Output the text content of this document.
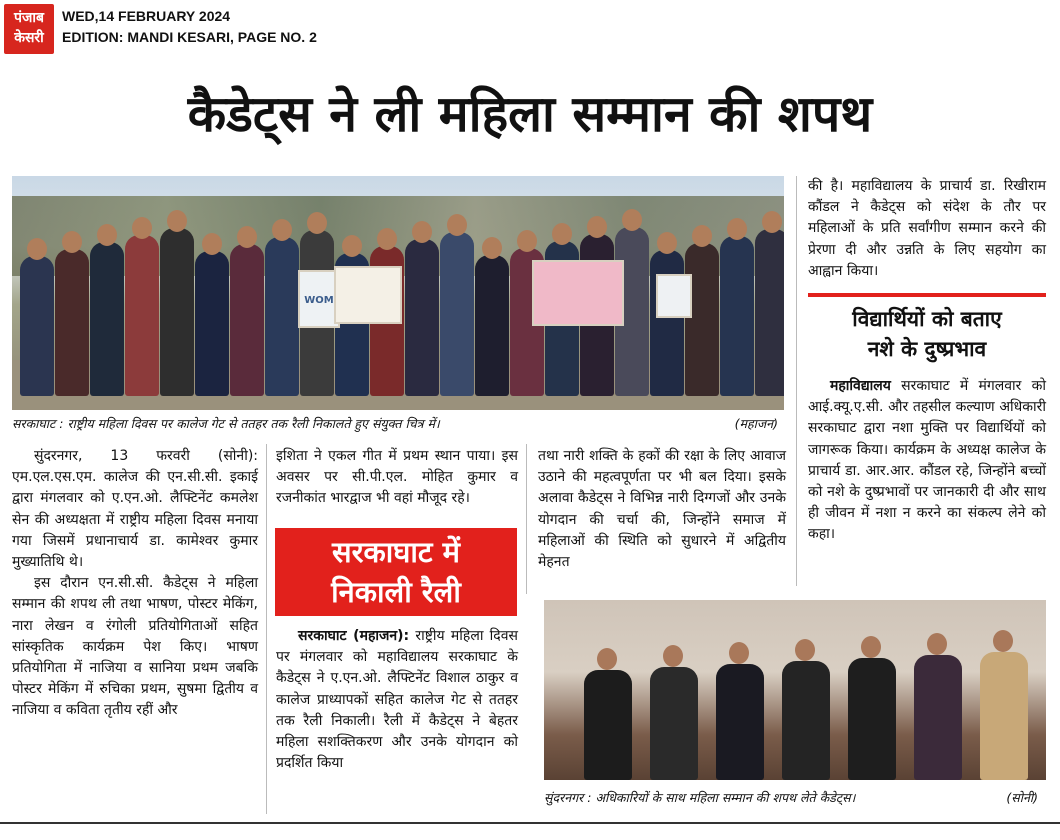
पंजाब
केसरी
WED,14 FEBRUARY 2024
EDITION: MANDI KESARI, PAGE NO. 2
कैडेट्स ने ली महिला सम्मान की शपथ
WOM
सरकाघाट : राष्ट्रीय महिला दिवस पर कालेज गेट से ततहर तक रैली निकालते हुए संयुक्त चित्र में।	(महाजन)

सुंदरनगर, 13 फरवरी (सोनी): एम.एल.एस.एम. कालेज की एन.सी.सी. इकाई द्वारा मंगलवार को ए.एन.ओ. लैफ्टिनेंट कमलेश सेन की अध्यक्षता में राष्ट्रीय महिला दिवस मनाया गया जिसमें प्रधानाचार्य डा. कामेश्वर कुमार मुख्यातिथि थे।

इस दौरान एन.सी.सी. कैडेट्स ने महिला सम्मान की शपथ ली तथा भाषण, पोस्टर मेकिंग, नारा लेखन व रंगोली प्रतियोगिताओं सहित सांस्कृतिक कार्यक्रम पेश किए। भाषण प्रतियोगिता में नाजिया व सानिया प्रथम जबकि पोस्टर मेकिंग में रुचिका प्रथम, सुषमा द्वितीय व नाजिया व कविता तृतीय रहीं और

इशिता ने एकल गीत में प्रथम स्थान पाया। इस अवसर पर सी.पी.एल. मोहित कुमार व रजनीकांत भारद्वाज भी वहां मौजूद रहे।

सरकाघाट में
निकाली रैली

सरकाघाट (महाजन): राष्ट्रीय महिला दिवस पर मंगलवार को महाविद्यालय सरकाघाट के कैडेट्स ने ए.एन.ओ. लैफ्टिनेंट विशाल ठाकुर व कालेज प्राध्यापकों सहित कालेज गेट से ततहर तक रैली निकाली। रैली में कैडेट्स ने बेहतर महिला सशक्तिकरण और उनके योगदान को प्रदर्शित किया

तथा नारी शक्ति के हकों की रक्षा के लिए आवाज उठाने की महत्वपूर्णता पर भी बल दिया। इसके अलावा कैडेट्स ने विभिन्न नारी दिग्गजों और उनके योगदान की चर्चा की, जिन्होंने समाज में महिलाओं की स्थिति को सुधारने में अद्वितीय मेहनत

की है। महाविद्यालय के प्राचार्य डा. रिखीराम कौंडल ने कैडेट्स को संदेश के तौर पर महिलाओं के प्रति सर्वांगीण सम्मान करने की प्रेरणा दी और उन्नति के लिए सहयोग का आह्वान किया।

विद्यार्थियों को बताए
नशे के दुष्प्रभाव

महाविद्यालय सरकाघाट में मंगलवार को आई.क्यू.ए.सी. और तहसील कल्याण अधिकारी सरकाघाट द्वारा नशा मुक्ति पर विद्यार्थियों को जागरूक किया। कार्यक्रम के अध्यक्ष कालेज के प्राचार्य डा. आर.आर. कौंडल रहे, जिन्होंने बच्चों को नशे के दुष्प्रभावों पर जानकारी दी और साथ ही जीवन में नशा न करने का संकल्प लेने को कहा।

सुंदरनगर : अधिकारियों के साथ महिला सम्मान की शपथ लेते कैडेट्स।	(सोनी)
